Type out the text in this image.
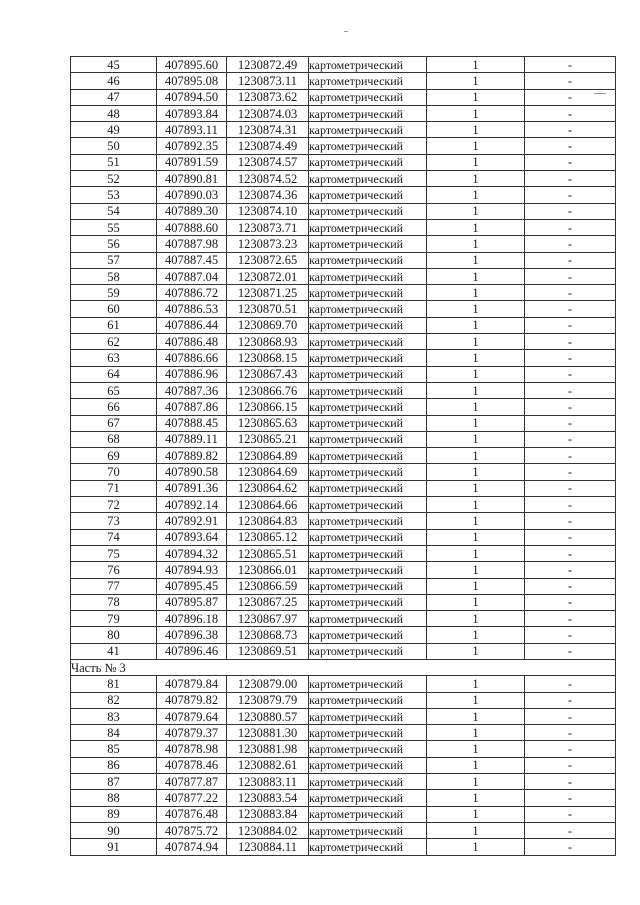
45	407895.60	1230872.49	картометрический	1	-
46	407895.08	1230873.11	картометрический	1	-
47	407894.50	1230873.62	картометрический	1	-
48	407893.84	1230874.03	картометрический	1	-
49	407893.11	1230874.31	картометрический	1	-
50	407892.35	1230874.49	картометрический	1	-
51	407891.59	1230874.57	картометрический	1	-
52	407890.81	1230874.52	картометрический	1	-
53	407890.03	1230874.36	картометрический	1	-
54	407889.30	1230874.10	картометрический	1	-
55	407888.60	1230873.71	картометрический	1	-
56	407887.98	1230873.23	картометрический	1	-
57	407887.45	1230872.65	картометрический	1	-
58	407887.04	1230872.01	картометрический	1	-
59	407886.72	1230871.25	картометрический	1	-
60	407886.53	1230870.51	картометрический	1	-
61	407886.44	1230869.70	картометрический	1	-
62	407886.48	1230868.93	картометрический	1	-
63	407886.66	1230868.15	картометрический	1	-
64	407886.96	1230867.43	картометрический	1	-
65	407887.36	1230866.76	картометрический	1	-
66	407887.86	1230866.15	картометрический	1	-
67	407888.45	1230865.63	картометрический	1	-
68	407889.11	1230865.21	картометрический	1	-
69	407889.82	1230864.89	картометрический	1	-
70	407890.58	1230864.69	картометрический	1	-
71	407891.36	1230864.62	картометрический	1	-
72	407892.14	1230864.66	картометрический	1	-
73	407892.91	1230864.83	картометрический	1	-
74	407893.64	1230865.12	картометрический	1	-
75	407894.32	1230865.51	картометрический	1	-
76	407894.93	1230866.01	картометрический	1	-
77	407895.45	1230866.59	картометрический	1	-
78	407895.87	1230867.25	картометрический	1	-
79	407896.18	1230867.97	картометрический	1	-
80	407896.38	1230868.73	картометрический	1	-
41	407896.46	1230869.51	картометрический	1	-
Часть № 3					
81	407879.84	1230879.00	картометрический	1	-
82	407879.82	1230879.79	картометрический	1	-
83	407879.64	1230880.57	картометрический	1	-
84	407879.37	1230881.30	картометрический	1	-
85	407878.98	1230881.98	картометрический	1	-
86	407878.46	1230882.61	картометрический	1	-
87	407877.87	1230883.11	картометрический	1	-
88	407877.22	1230883.54	картометрический	1	-
89	407876.48	1230883.84	картометрический	1	-
90	407875.72	1230884.02	картометрический	1	-
91	407874.94	1230884.11	картометрический	1	-
